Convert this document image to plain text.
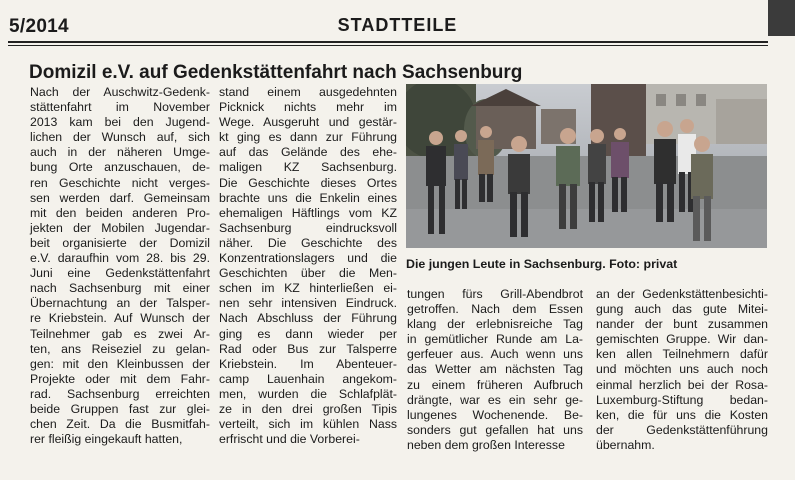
5/2014	STADTTEILE
Domizil e.V. auf Gedenkstättenfahrt nach Sachsenburg
Nach der Auschwitz-Gedenk-
stättenfahrt im November
2013 kam bei den Jugend-
lichen der Wunsch auf, sich
auch in der näheren Umge-
bung Orte anzuschauen, de-
ren Geschichte nicht verges-
sen werden darf. Gemeinsam
mit den beiden anderen Pro-
jekten der Mobilen Jugendar-
beit organisierte der Domizil
e.V. daraufhin vom 28. bis 29.
Juni eine Gedenkstättenfahrt
nach Sachsenburg mit einer
Übernachtung an der Talsper-
re Kriebstein. Auf Wunsch der
Teilnehmer gab es zwei Ar-
ten, ans Reiseziel zu gelan-
gen: mit den Kleinbussen der
Projekte oder mit dem Fahr-
rad. Sachsenburg erreichten
beide Gruppen fast zur glei-
chen Zeit. Da die Busmitfah-
rer fleißig eingekauft hatten,
stand einem ausgedehnten
Picknick nichts mehr im
Wege. Ausgeruht und gestär-
kt ging es dann zur Führung
auf das Gelände des ehe-
maligen KZ Sachsenburg.
Die Geschichte dieses Ortes
brachte uns die Enkelin eines
ehemaligen Häftlings vom KZ
Sachsenburg eindrucksvoll
näher. Die Geschichte des
Konzentrationslagers und die
Geschichten über die Men-
schen im KZ hinterließen ei-
nen sehr intensiven Eindruck.
Nach Abschluss der Führung
ging es dann wieder per
Rad oder Bus zur Talsperre
Kriebstein. Im Abenteuer-
camp Lauenhain angekom-
men, wurden die Schlafplät-
ze in den drei großen Tipis
verteilt, sich im kühlen Nass
erfrischt und die Vorberei-
tungen fürs Grill-Abendbrot
getroffen. Nach dem Essen
klang der erlebnisreiche Tag
in gemütlicher Runde am La-
gerfeuer aus. Auch wenn uns
das Wetter am nächsten Tag
zu einem früheren Aufbruch
drängte, war es ein sehr ge-
lungenes Wochenende. Be-
sonders gut gefallen hat uns
neben dem großen Interesse
an der Gedenkstättenbesichti-
gung auch das gute Mitei-
nander der bunt zusammen
gemischten Gruppe. Wir dan-
ken allen Teilnehmern dafür
und möchten uns auch noch
einmal herzlich bei der Rosa-
Luxemburg-Stiftung bedan-
ken, die für uns die Kosten
der Gedenkstättenführung
übernahm.
Die jungen Leute in Sachsenburg. Foto: privat
